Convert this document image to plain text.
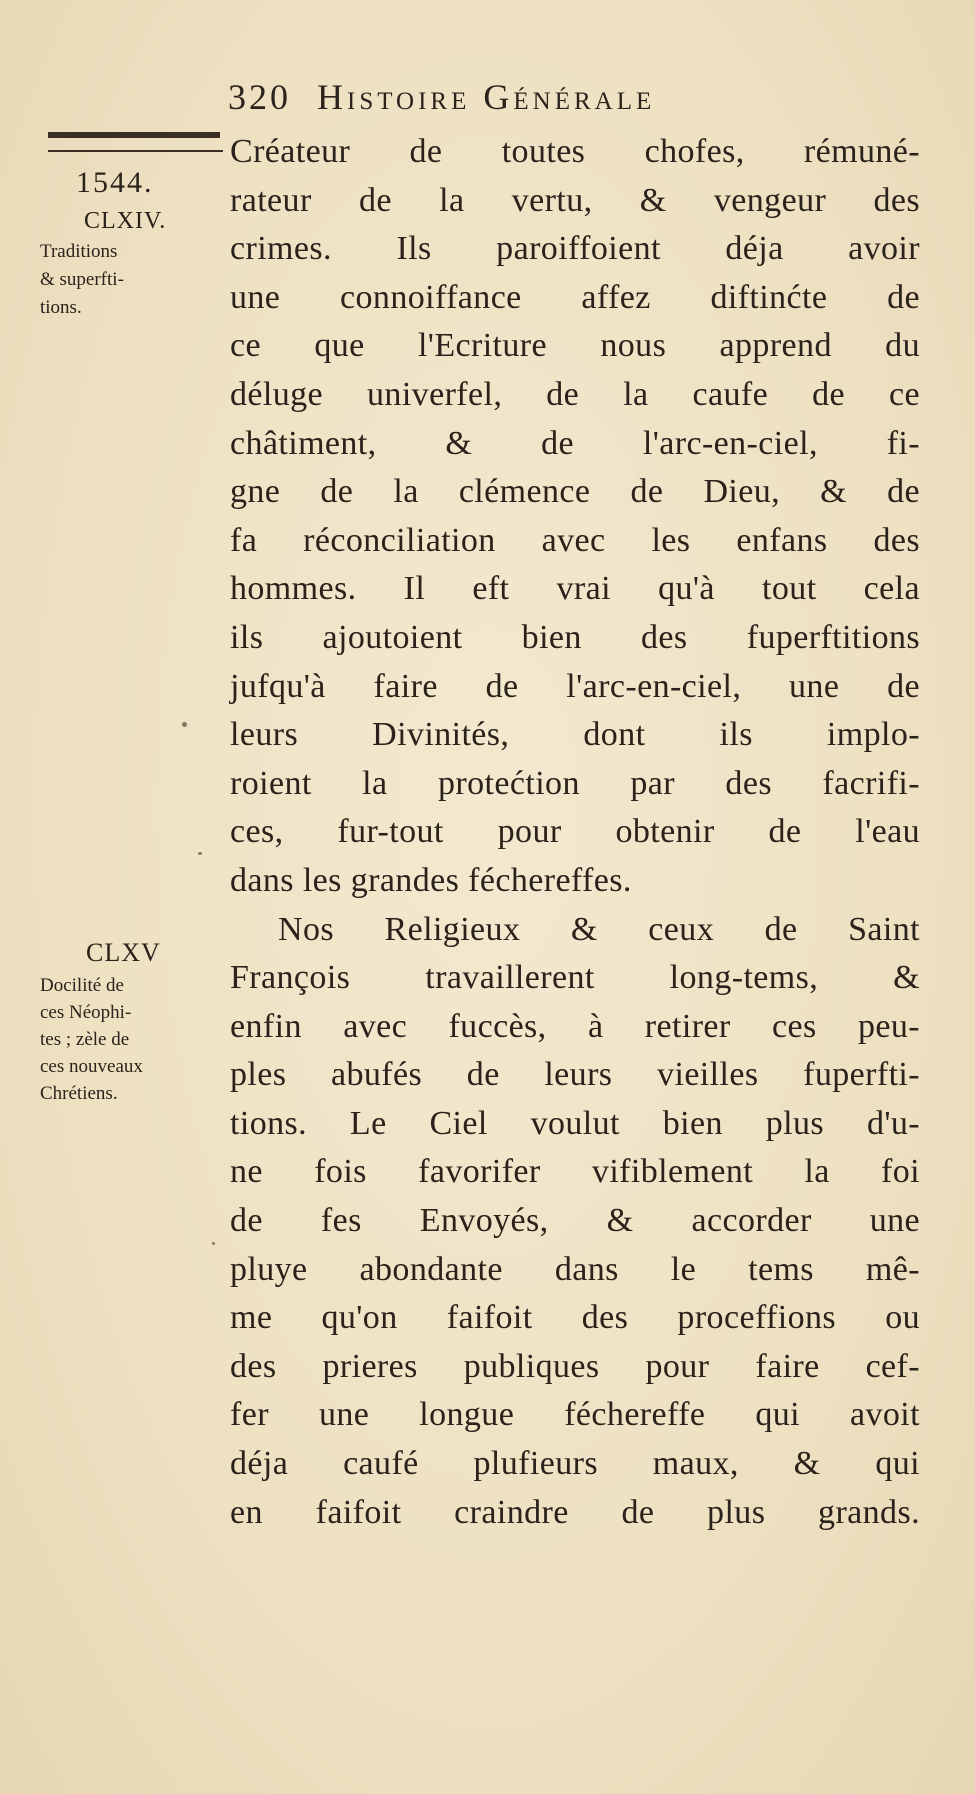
320 Histoire Générale
1544.
CLXIV.
Traditions
& superfti-
tions.
CLXV
Docilité de
ces Néophi-
tes ; zèle de
ces nouveaux
Chrétiens.
Créateur de toutes chofes, rémuné-
rateur de la vertu, & vengeur des
crimes. Ils paroiffoient déja avoir
une connoiffance affez diftinćte de
ce que l'Ecriture nous apprend du
déluge univerfel, de la caufe de ce
châtiment, & de l'arc-en-ciel, fi-
gne de la clémence de Dieu, & de
fa réconciliation avec les enfans des
hommes. Il eft vrai qu'à tout cela
ils ajoutoient bien des fuperftitions
jufqu'à faire de l'arc-en-ciel, une de
leurs Divinités, dont ils implo-
roient la protećtion par des facrifi-
ces, fur-tout pour obtenir de l'eau
dans les grandes féchereffes.
Nos Religieux & ceux de Saint
François travaillerent long-tems, &
enfin avec fuccès, à retirer ces peu-
ples abufés de leurs vieilles fuperfti-
tions. Le Ciel voulut bien plus d'u-
ne fois favorifer vifiblement la foi
de fes Envoyés, & accorder une
pluye abondante dans le tems mê-
me qu'on faifoit des proceffions ou
des prieres publiques pour faire cef-
fer une longue féchereffe qui avoit
déja caufé plufieurs maux, & qui
en faifoit craindre de plus grands.
